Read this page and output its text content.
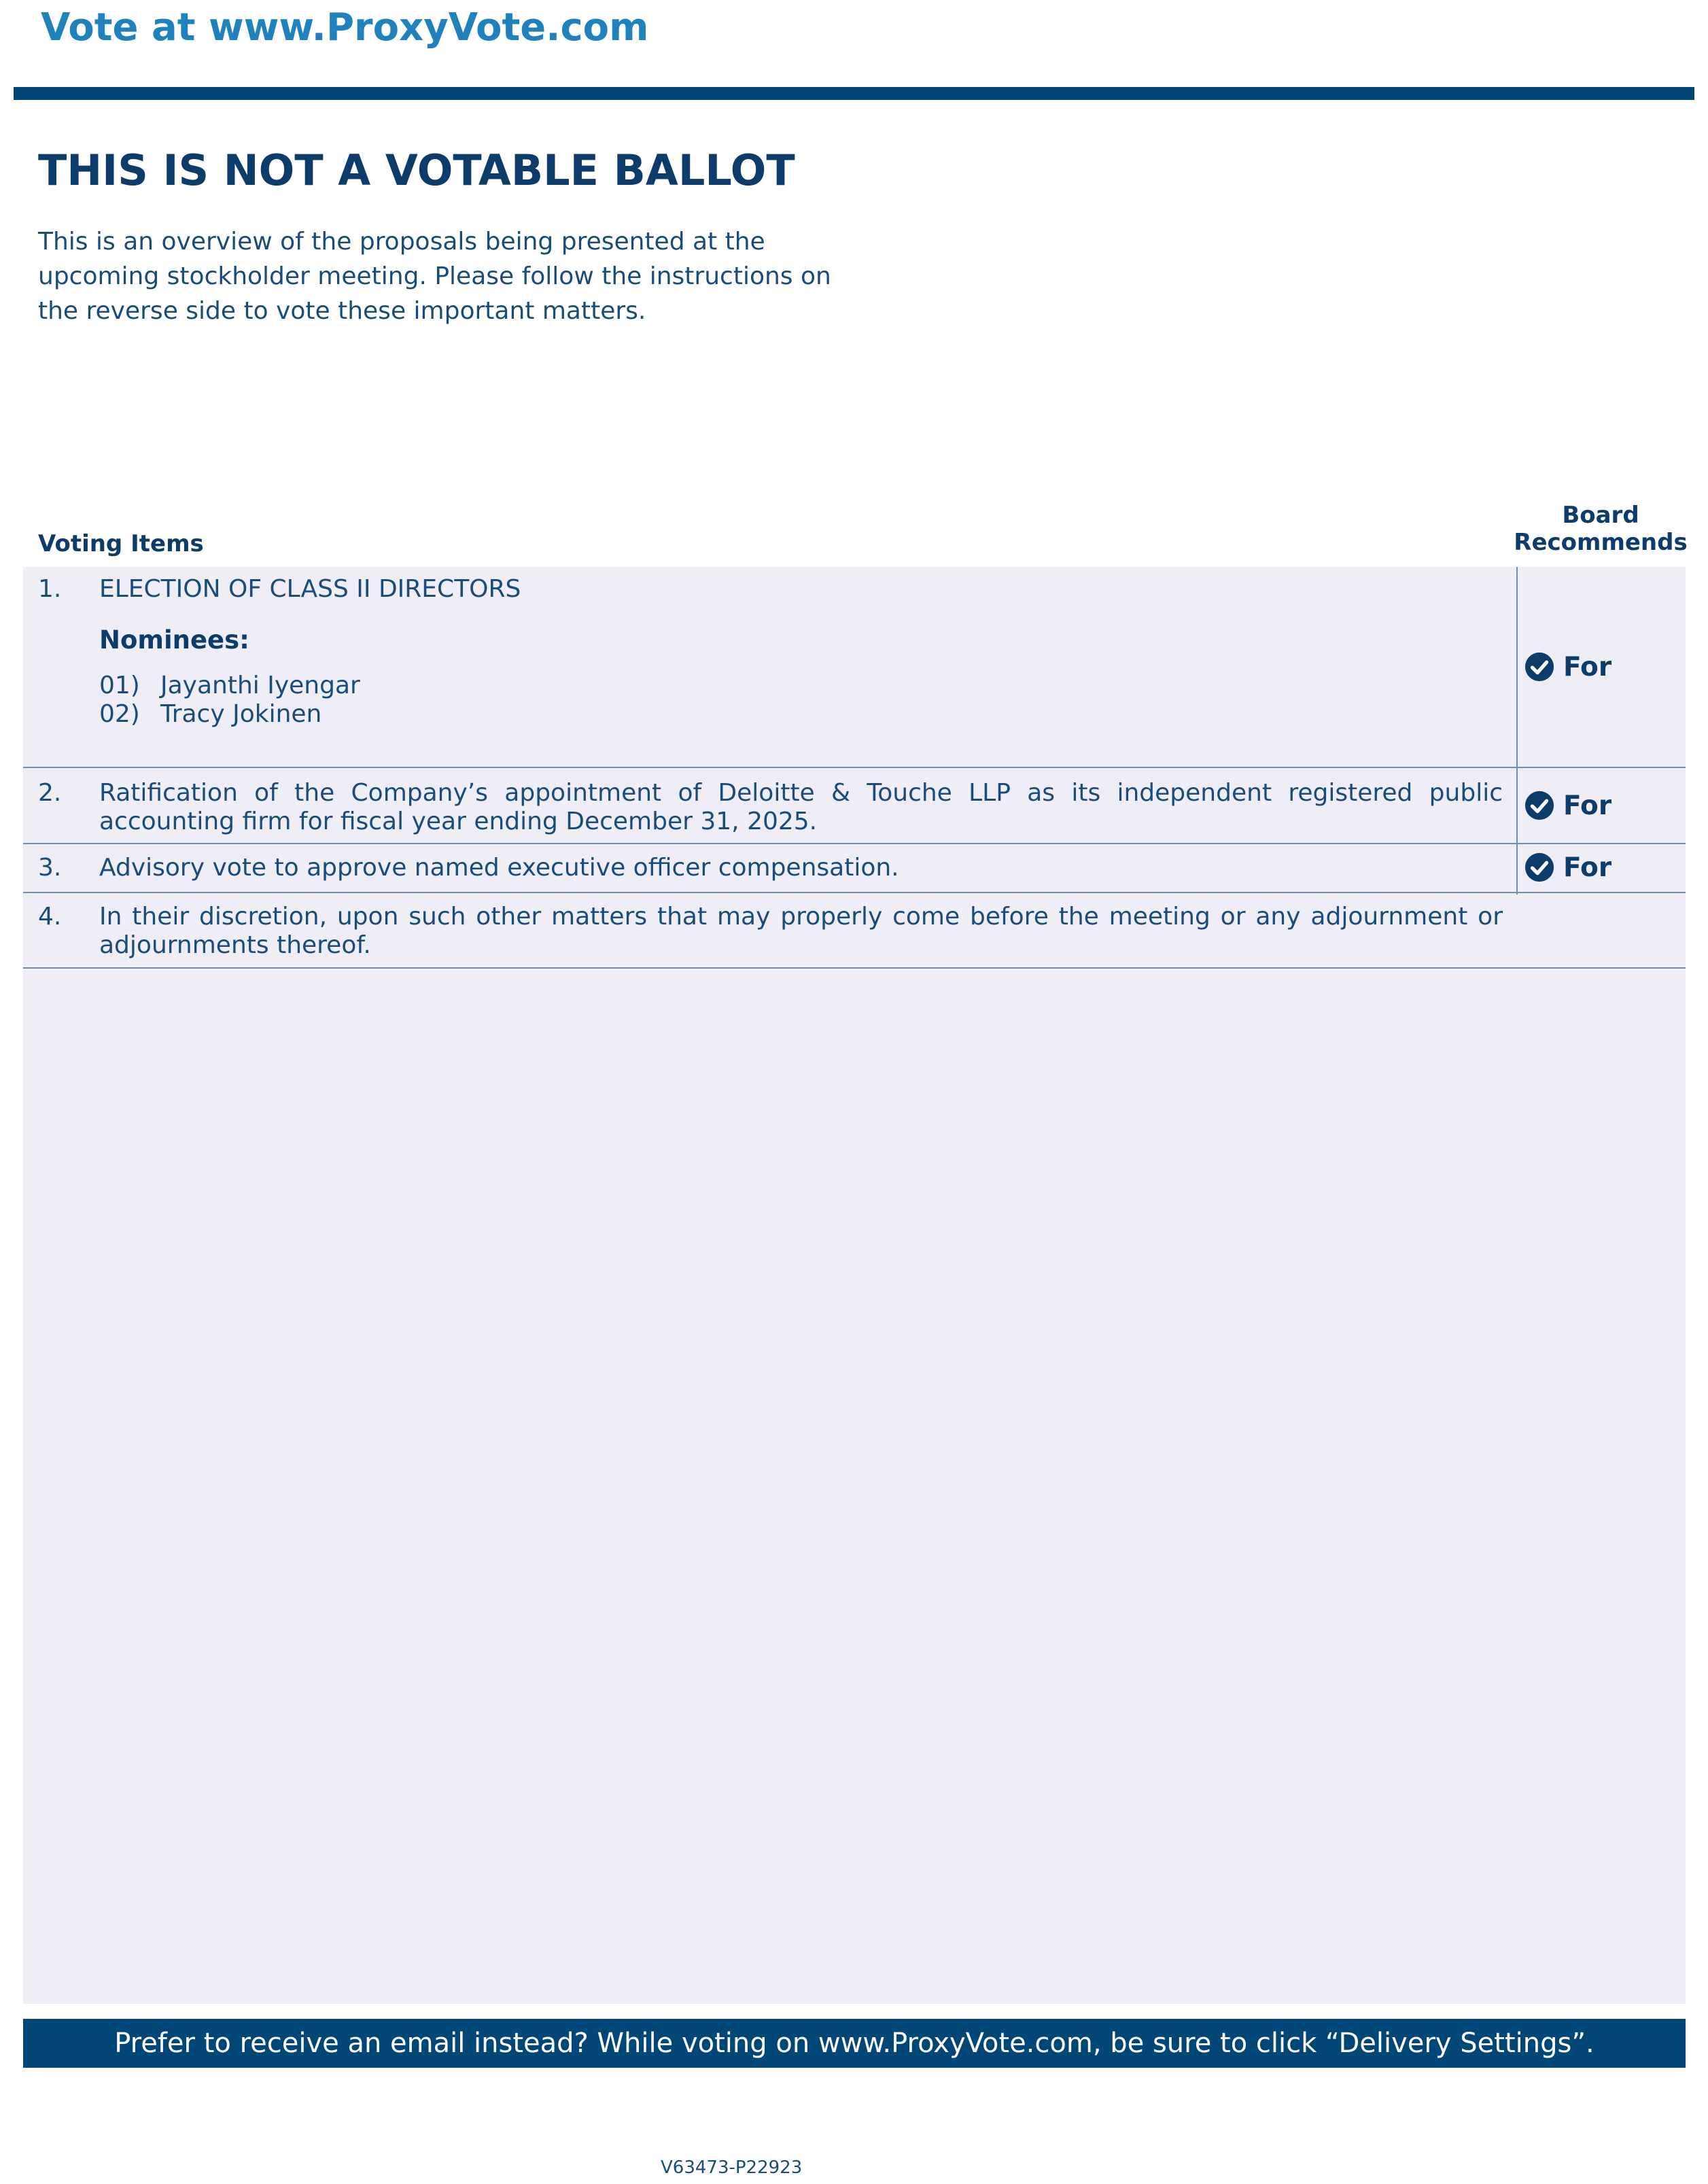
Vote at www.ProxyVote.com
THIS IS NOT A VOTABLE BALLOT
This is an overview of the proposals being presented at the upcoming stockholder meeting. Please follow the instructions on the reverse side to vote these important matters.
Board
Recommends
Voting Items
1. ELECTION OF CLASS II DIRECTORS
Nominees:
01) Jayanthi Iyengar
02) Tracy Jokinen
For
2. Ratification of the Company’s appointment of Deloitte & Touche LLP as its independent registered public accounting firm for fiscal year ending December 31, 2025.
For
3. Advisory vote to approve named executive officer compensation.	For
4. In their discretion, upon such other matters that may properly come before the meeting or any adjournment or adjournments thereof.
Prefer to receive an email instead? While voting on www.ProxyVote.com, be sure to click “Delivery Settings”.
V63473-P22923
